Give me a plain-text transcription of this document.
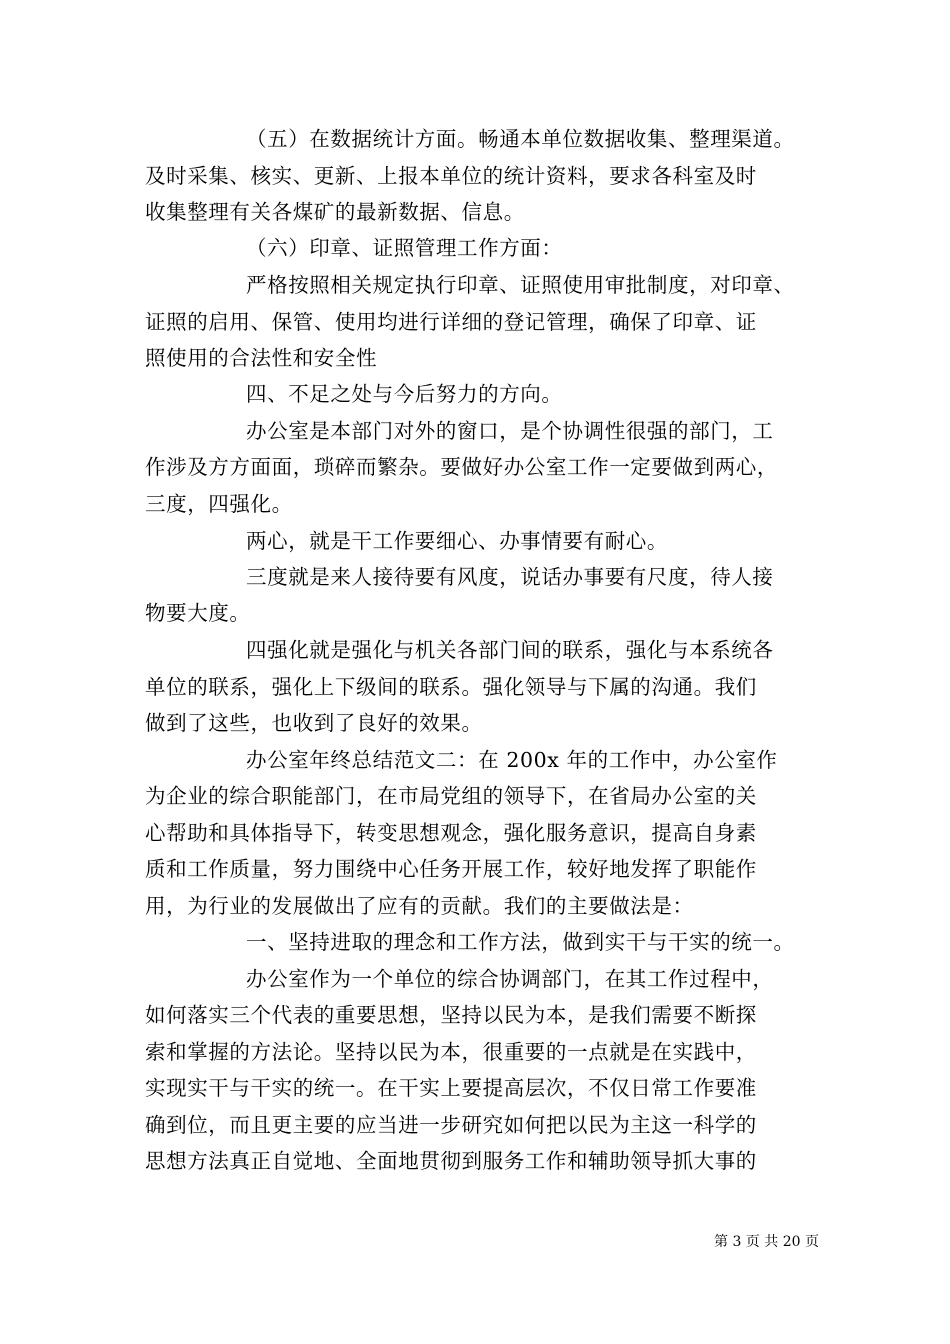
（五）在数据统计方面。畅通本单位数据收集、整理渠道。
及时采集、核实、更新、上报本单位的统计资料，要求各科室及时
收集整理有关各煤矿的最新数据、信息。
（六）印章、证照管理工作方面：
严格按照相关规定执行印章、证照使用审批制度，对印章、
证照的启用、保管、使用均进行详细的登记管理，确保了印章、证
照使用的合法性和安全性
四、不足之处与今后努力的方向。
办公室是本部门对外的窗口，是个协调性很强的部门，工
作涉及方方面面，琐碎而繁杂。要做好办公室工作一定要做到两心，
三度，四强化。
两心，就是干工作要细心、办事情要有耐心。
三度就是来人接待要有风度，说话办事要有尺度，待人接
物要大度。
四强化就是强化与机关各部门间的联系，强化与本系统各
单位的联系，强化上下级间的联系。强化领导与下属的沟通。我们
做到了这些，也收到了良好的效果。
办公室年终总结范文二：在 200x 年的工作中，办公室作
为企业的综合职能部门，在市局党组的领导下，在省局办公室的关
心帮助和具体指导下，转变思想观念，强化服务意识，提高自身素
质和工作质量，努力围绕中心任务开展工作，较好地发挥了职能作
用，为行业的发展做出了应有的贡献。我们的主要做法是：
一、坚持进取的理念和工作方法，做到实干与干实的统一。
办公室作为一个单位的综合协调部门，在其工作过程中，
如何落实三个代表的重要思想，坚持以民为本，是我们需要不断探
索和掌握的方法论。坚持以民为本，很重要的一点就是在实践中，
实现实干与干实的统一。在干实上要提高层次，不仅日常工作要准
确到位，而且更主要的应当进一步研究如何把以民为主这一科学的
思想方法真正自觉地、全面地贯彻到服务工作和辅助领导抓大事的
第 3 页 共 20 页
